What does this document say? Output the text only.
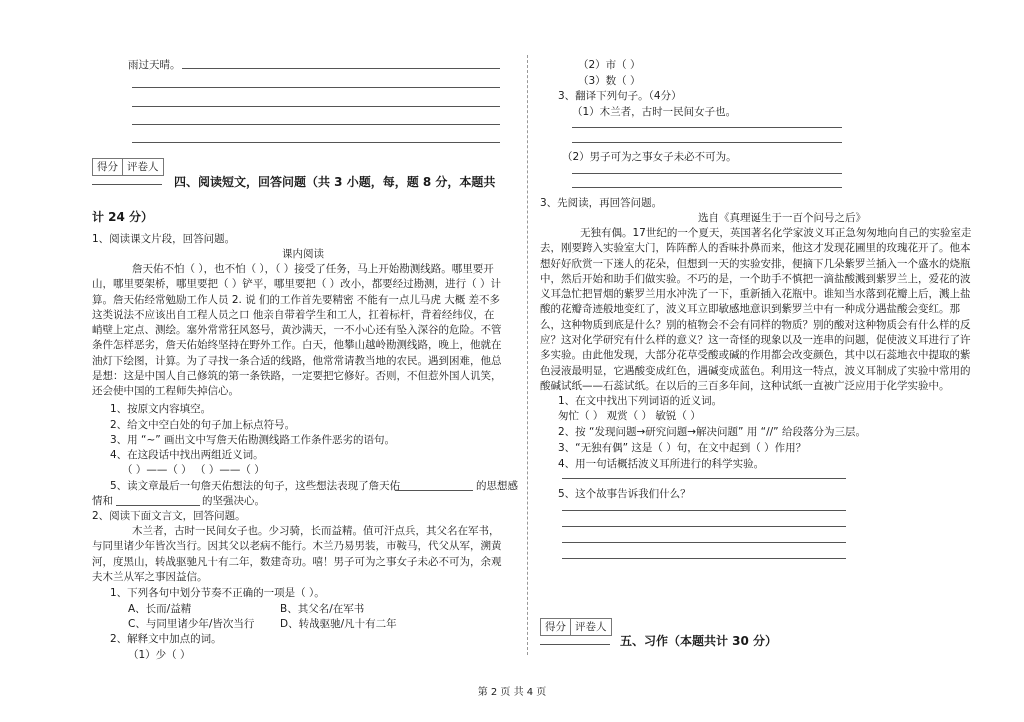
雨过天晴。
得分 评卷人
四、阅读短文，回答问题（共 3 小题，每，题 8 分，本题共
计 24 分）
1、阅读课文片段，回答问题。
课内阅读
詹天佑不怕（ ），也不怕（ ），（ ）接受了任务，马上开始勘测线路。哪里要开山，哪里要架桥，哪里要把（ ）铲平，哪里要把（ ）改小，都要经过勘测，进行（ ）计算。詹天佑经常勉励工作人员 2. 说 们的工作首先要精密 不能有一点儿马虎 大概 差不多 这类说法不应该出自工程人员之口 他亲自带着学生和工人，扛着标杆，背着经纬仪，在峭壁上定点、测绘。塞外常常狂风怒号，黄沙满天，一不小心还有坠入深谷的危险。不管条件怎样恶劣，詹天佑始终坚持在野外工作。白天，他攀山越岭勘测线路，晚上，他就在油灯下绘图，计算。为了寻找一条合适的线路，他常常请教当地的农民。遇到困难，他总是想：这是中国人自己修筑的第一条铁路，一定要把它修好。否则，不但惹外国人讥笑，还会使中国的工程师失掉信心。
1、按原文内容填空。
2、给文中空白处的句子加上标点符号。
3、用 “~” 画出文中写詹天佑勘测线路工作条件恶劣的语句。
4、在这段话中找出两组近义词。
（ ）——（ ） （ ）——（ ）
5、读文章最后一句詹天佑想法的句子，这些想法表现了詹天佑	的思想感
情和	的坚强决心。
2、阅读下面文言文，回答问题。
木兰者，古时一民间女子也。少习骑，长而益精。值可汗点兵，其父名在军书，与同里诸少年皆次当行。因其父以老病不能行。木兰乃易男装，市鞍马，代父从军，溯黄河，度黑山，转战驱驰凡十有二年，数建奇功。嘻！男子可为之事女子未必不可为，余观夫木兰从军之事因益信。
1、下列各句中划分节奏不正确的一项是（ ）。
A、长而/益精	B、其父名/在军书
C、与同里诸少年/皆次当行 D、转战驱驰/凡十有二年
2、解释文中加点的词。
（1）少（ ）
（2）市（ ）
（3）数（ ）
3、翻译下列句子。（4分）
（1）木兰者，古时一民间女子也。
（2）男子可为之事女子未必不可为。
3、先阅读，再回答问题。
选自《真理诞生于一百个问号之后》
无独有偶。17世纪的一个夏天，英国著名化学家波义耳正急匆匆地向自己的实验室走去，刚要跨入实验室大门，阵阵醉人的香味扑鼻而来，他这才发现花圃里的玫瑰花开了。他本想好好欣赏一下迷人的花朵，但想到一天的实验安排，便摘下几朵紫罗兰插入一个盛水的烧瓶中，然后开始和助手们做实验。不巧的是，一个助手不慎把一滴盐酸溅到紫罗兰上，爱花的波义耳急忙把冒烟的紫罗兰用水冲洗了一下，重新插入花瓶中。谁知当水落到花瓣上后，溅上盐酸的花瓣奇迹般地变红了，波义耳立即敏感地意识到紫罗兰中有一种成分遇盐酸会变红。那么，这种物质到底是什么？别的植物会不会有同样的物质？别的酸对这种物质会有什么样的反应？这对化学研究有什么样的意义？这一奇怪的现象以及一连串的问题，促使波义耳进行了许多实验。由此他发现，大部分花草受酸或碱的作用都会改变颜色，其中以石蕊地衣中提取的紫色浸液最明显，它遇酸变成红色，遇碱变成蓝色。利用这一特点，波义耳制成了实验中常用的酸碱试纸——石蕊试纸。在以后的三百多年间，这种试纸一直被广泛应用于化学实验中。
1、在文中找出下列词语的近义词。
匆忙（ ） 观赏（ ） 敏锐（ ）
2、按 “发现问题→研究问题→解决问题” 用 “//” 给段落分为三层。
3、“无独有偶” 这是（ ）句，在文中起到（ ）作用？
4、用一句话概括波义耳所进行的科学实验。
5、这个故事告诉我们什么？
得分 评卷人
五、习作（本题共计 30 分）
第 2 页 共 4 页
